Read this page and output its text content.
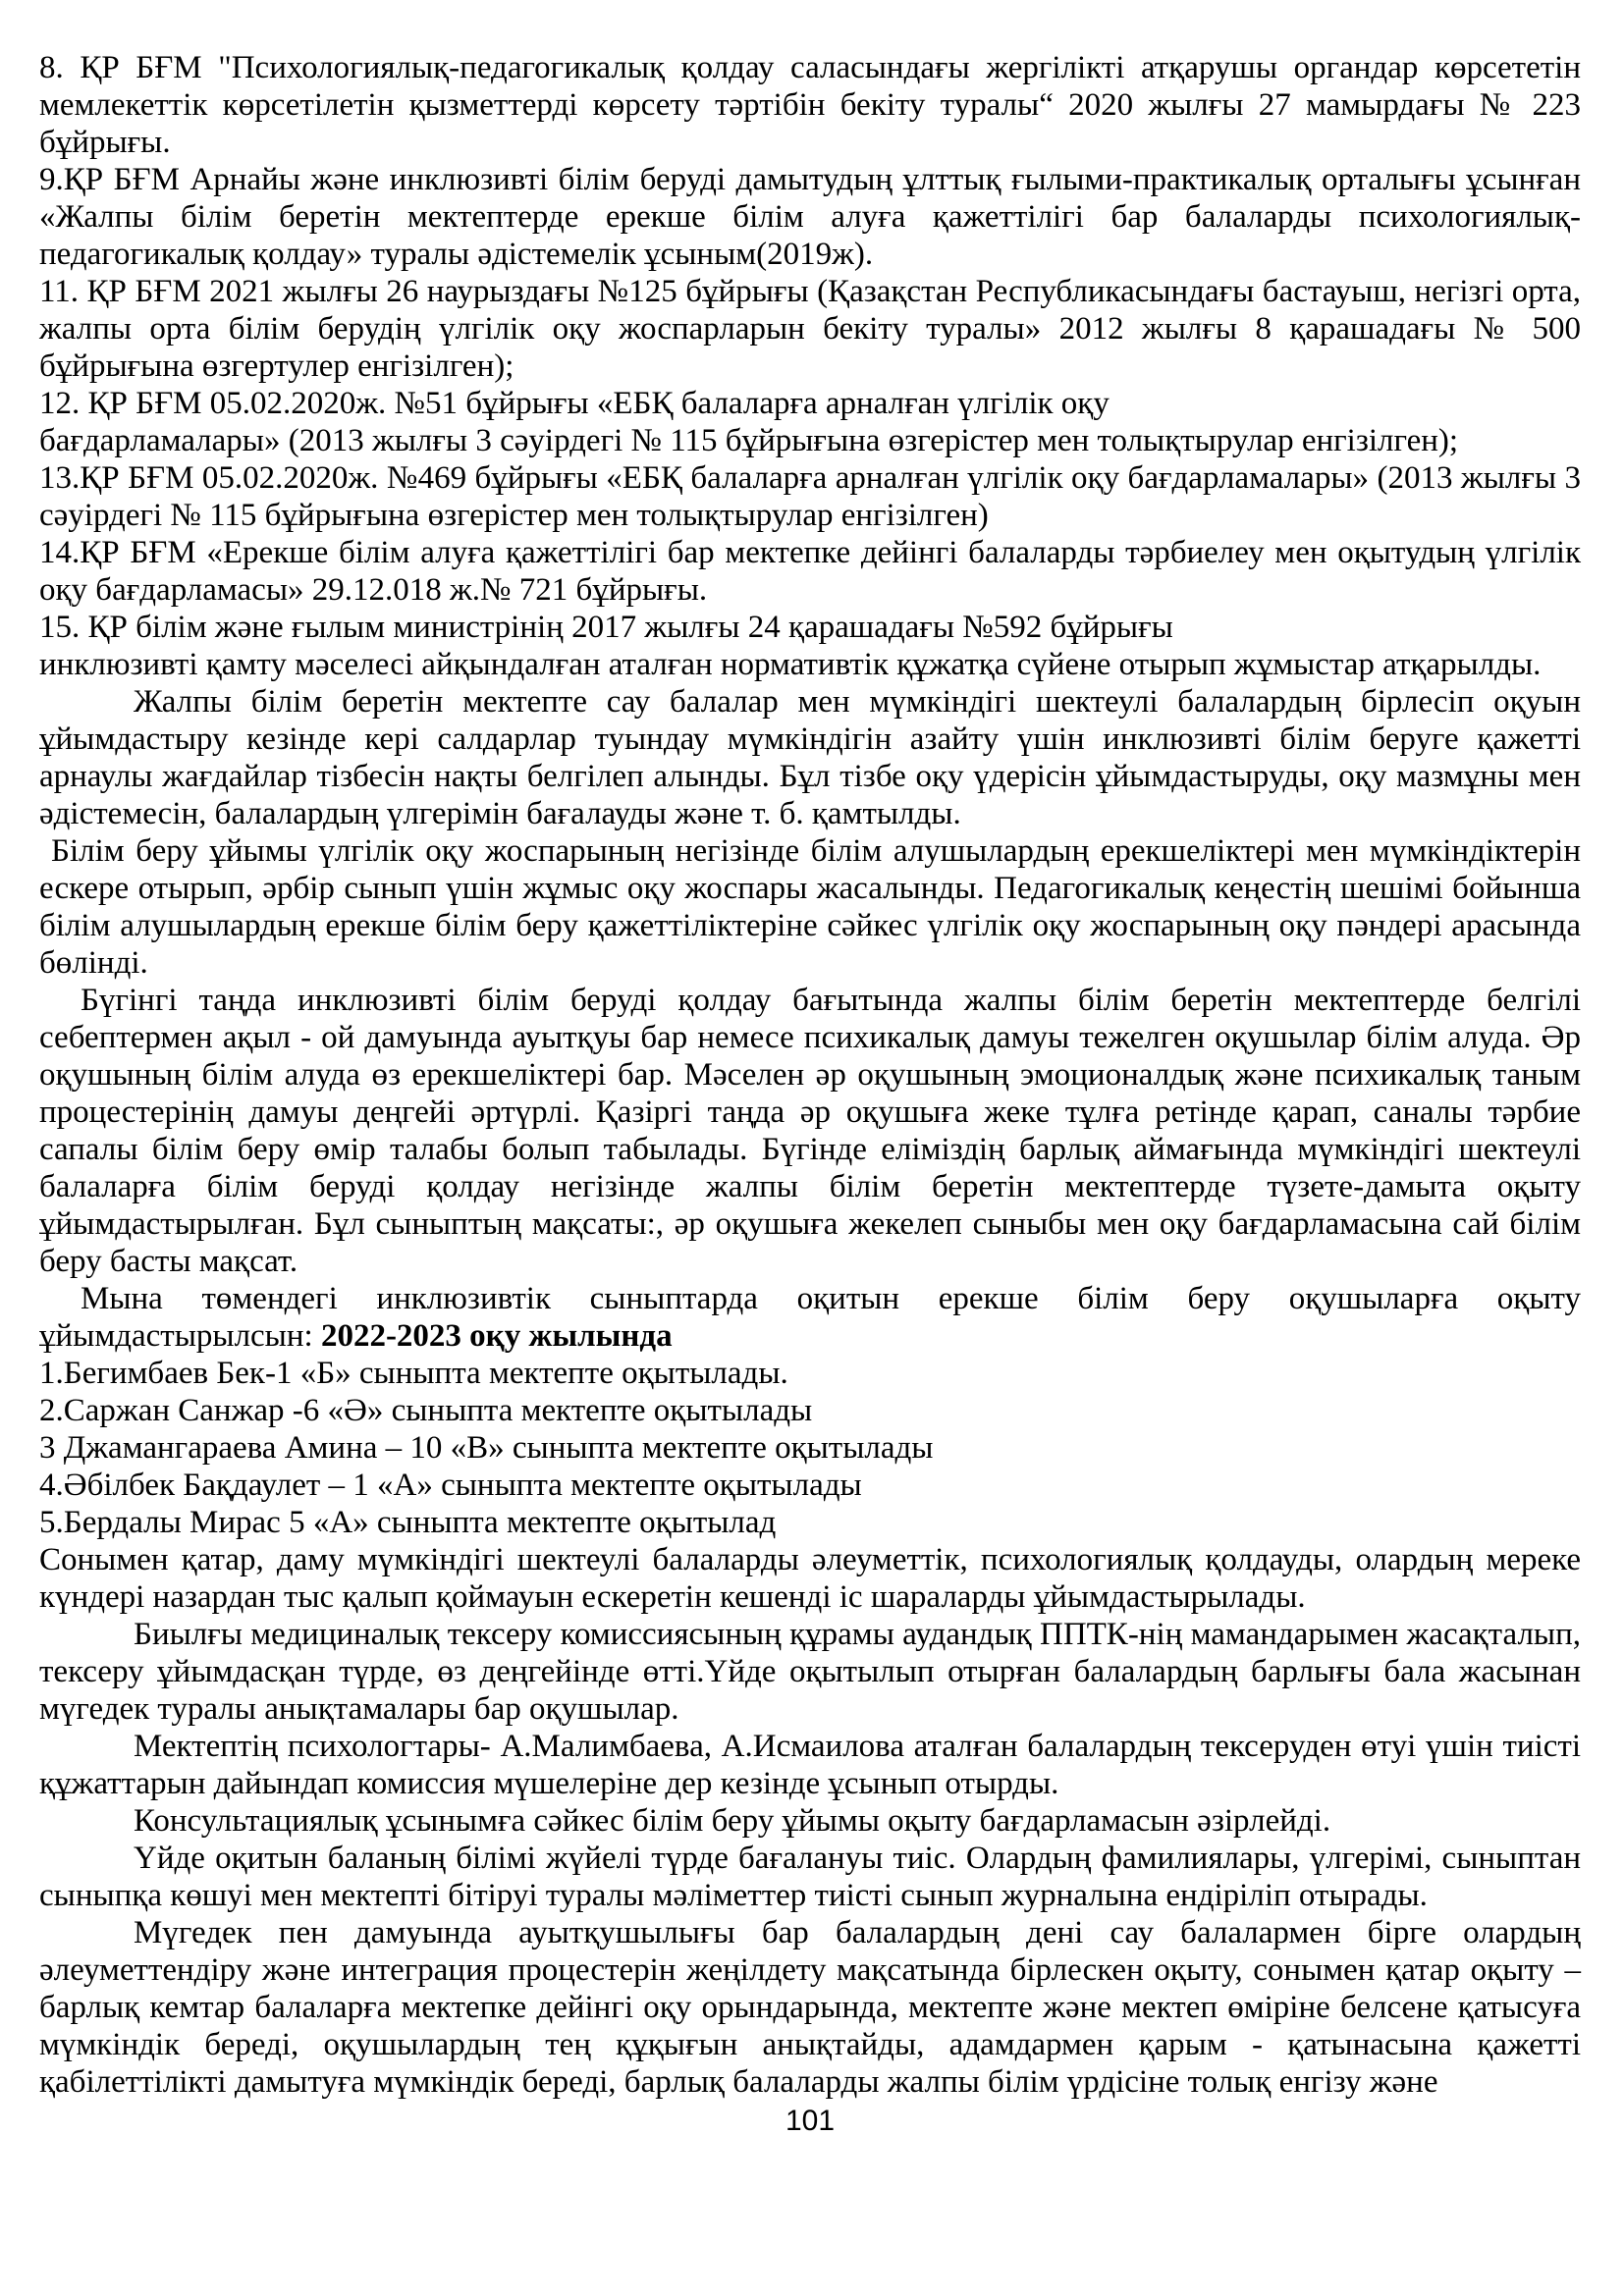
8. ҚР БҒМ "Психологиялық-педагогикалық қолдау саласындағы жергілікті атқарушы органдар көрсететін мемлекеттік көрсетілетін қызметтерді көрсету тәртібін бекіту туралы“ 2020 жылғы 27 мамырдағы № 223 бұйрығы.

9.ҚР БҒМ Арнайы және инклюзивті білім беруді дамытудың ұлттық ғылыми-практикалық орталығы ұсынған «Жалпы білім беретін мектептерде ерекше білім алуға қажеттілігі бар балаларды психологиялық-педагогикалық қолдау» туралы әдістемелік ұсыным(2019ж).

11. ҚР БҒМ 2021 жылғы 26 наурыздағы №125 бұйрығы (Қазақстан Республикасындағы бастауыш, негізгі орта, жалпы орта білім берудің үлгілік оқу жоспарларын бекіту туралы» 2012 жылғы 8 қарашадағы № 500 бұйрығына өзгертулер енгізілген);

12. ҚР БҒМ 05.02.2020ж. №51 бұйрығы «ЕБҚ балаларға арналған үлгілік оқу

бағдарламалары» (2013 жылғы 3 сәуірдегі № 115 бұйрығына өзгерістер мен толықтырулар енгізілген);

13.ҚР БҒМ 05.02.2020ж. №469 бұйрығы «ЕБҚ балаларға арналған үлгілік оқу бағдарламалары» (2013 жылғы 3 сәуірдегі № 115 бұйрығына өзгерістер мен толықтырулар енгізілген)

14.ҚР БҒМ «Ерекше білім алуға қажеттілігі бар мектепке дейінгі балаларды тәрбиелеу мен оқытудың үлгілік оқу бағдарламасы» 29.12.018 ж.№ 721 бұйрығы.

15. ҚР білім және ғылым министрінің 2017 жылғы 24 қарашадағы №592 бұйрығы

инклюзивті қамту мәселесі айқындалған аталған нормативтік құжатқа сүйене отырып жұмыстар атқарылды.

Жалпы білім беретін мектепте сау балалар мен мүмкіндігі шектеулі балалардың бірлесіп оқуын ұйымдастыру кезінде кері салдарлар туындау мүмкіндігін азайту үшін инклюзивті білім беруге қажетті арнаулы жағдайлар тізбесін нақты белгілеп алынды. Бұл тізбе оқу үдерісін ұйымдастыруды, оқу мазмұны мен әдістемесін, балалардың үлгерімін бағалауды және т. б. қамтылды.

Білім беру ұйымы үлгілік оқу жоспарының негізінде білім алушылардың ерекшеліктері мен мүмкіндіктерін ескере отырып, әрбір сынып үшін жұмыс оқу жоспары жасалынды. Педагогикалық кеңестің шешімі бойынша білім алушылардың ерекше білім беру қажеттіліктеріне сәйкес үлгілік оқу жоспарының оқу пәндері арасында бөлінді.

Бүгінгі таңда инклюзивті білім беруді қолдау бағытында жалпы білім беретін мектептерде белгілі себептермен ақыл - ой дамуында ауытқуы бар немесе психикалық дамуы тежелген оқушылар білім алуда. Әр оқушының білім алуда өз ерекшеліктері бар. Мәселен әр оқушының эмоционалдық және психикалық таным процестерінің дамуы деңгейі әртүрлі. Қазіргі таңда әр оқушыға жеке тұлға ретінде қарап, саналы тәрбие сапалы білім беру өмір талабы болып табылады. Бүгінде еліміздің барлық аймағында мүмкіндігі шектеулі балаларға білім беруді қолдау негізінде жалпы білім беретін мектептерде түзете-дамыта оқыту ұйымдастырылған. Бұл сыныптың мақсаты:, әр оқушыға жекелеп сыныбы мен оқу бағдарламасына сай білім беру басты мақсат.

Мына төмендегі инклюзивтік сыныптарда оқитын ерекше білім беру оқушыларға оқыту ұйымдастырылсын: 2022-2023 оқу жылында

1.Бегимбаев Бек-1 «Б» сыныпта мектепте оқытылады.

2.Саржан Санжар -6 «Ә» сыныпта мектепте оқытылады

3 Джамангараева Амина – 10 «В» сыныпта мектепте оқытылады

4.Әбілбек Бақдаулет – 1 «А» сыныпта мектепте оқытылады

5.Бердалы Мирас 5 «А» сыныпта мектепте оқытылад

Сонымен қатар, даму мүмкіндігі шектеулі балаларды әлеуметтік, психологиялық қолдауды, олардың мереке күндері назардан тыс қалып қоймауын ескеретін кешенді іс шараларды ұйымдастырылады.

Биылғы медициналық тексеру комиссиясының құрамы аудандық ППТК-нің мамандарымен жасақталып, тексеру ұйымдасқан түрде, өз деңгейінде өтті.Үйде оқытылып отырған балалардың барлығы бала жасынан мүгедек туралы анықтамалары бар оқушылар.

Мектептің психологтары- А.Малимбаева, А.Исмаилова аталған балалардың тексеруден өтуі үшін тиісті құжаттарын дайындап комиссия мүшелеріне дер кезінде ұсынып отырды.

Консультациялық ұсынымға сәйкес білім беру ұйымы оқыту бағдарламасын әзірлейді.

Үйде оқитын баланың білімі жүйелі түрде бағалануы тиіс. Олардың фамилиялары, үлгерімі, сыныптан сыныпқа көшуі мен мектепті бітіруі туралы мәліметтер тиісті сынып журналына ендіріліп отырады.

Мүгедек пен дамуында ауытқушылығы бар балалардың дені сау балалармен бірге олардың әлеуметтендіру және интеграция процестерін жеңілдету мақсатында бірлескен оқыту, сонымен қатар оқыту – барлық кемтар балаларға мектепке дейінгі оқу орындарында, мектепте және мектеп өміріне белсене қатысуға мүмкіндік береді, оқушылардың тең құқығын анықтайды, адамдармен қарым - қатынасына қажетті қабілеттілікті дамытуға мүмкіндік береді, барлық балаларды жалпы білім үрдісіне толық енгізу және

101
